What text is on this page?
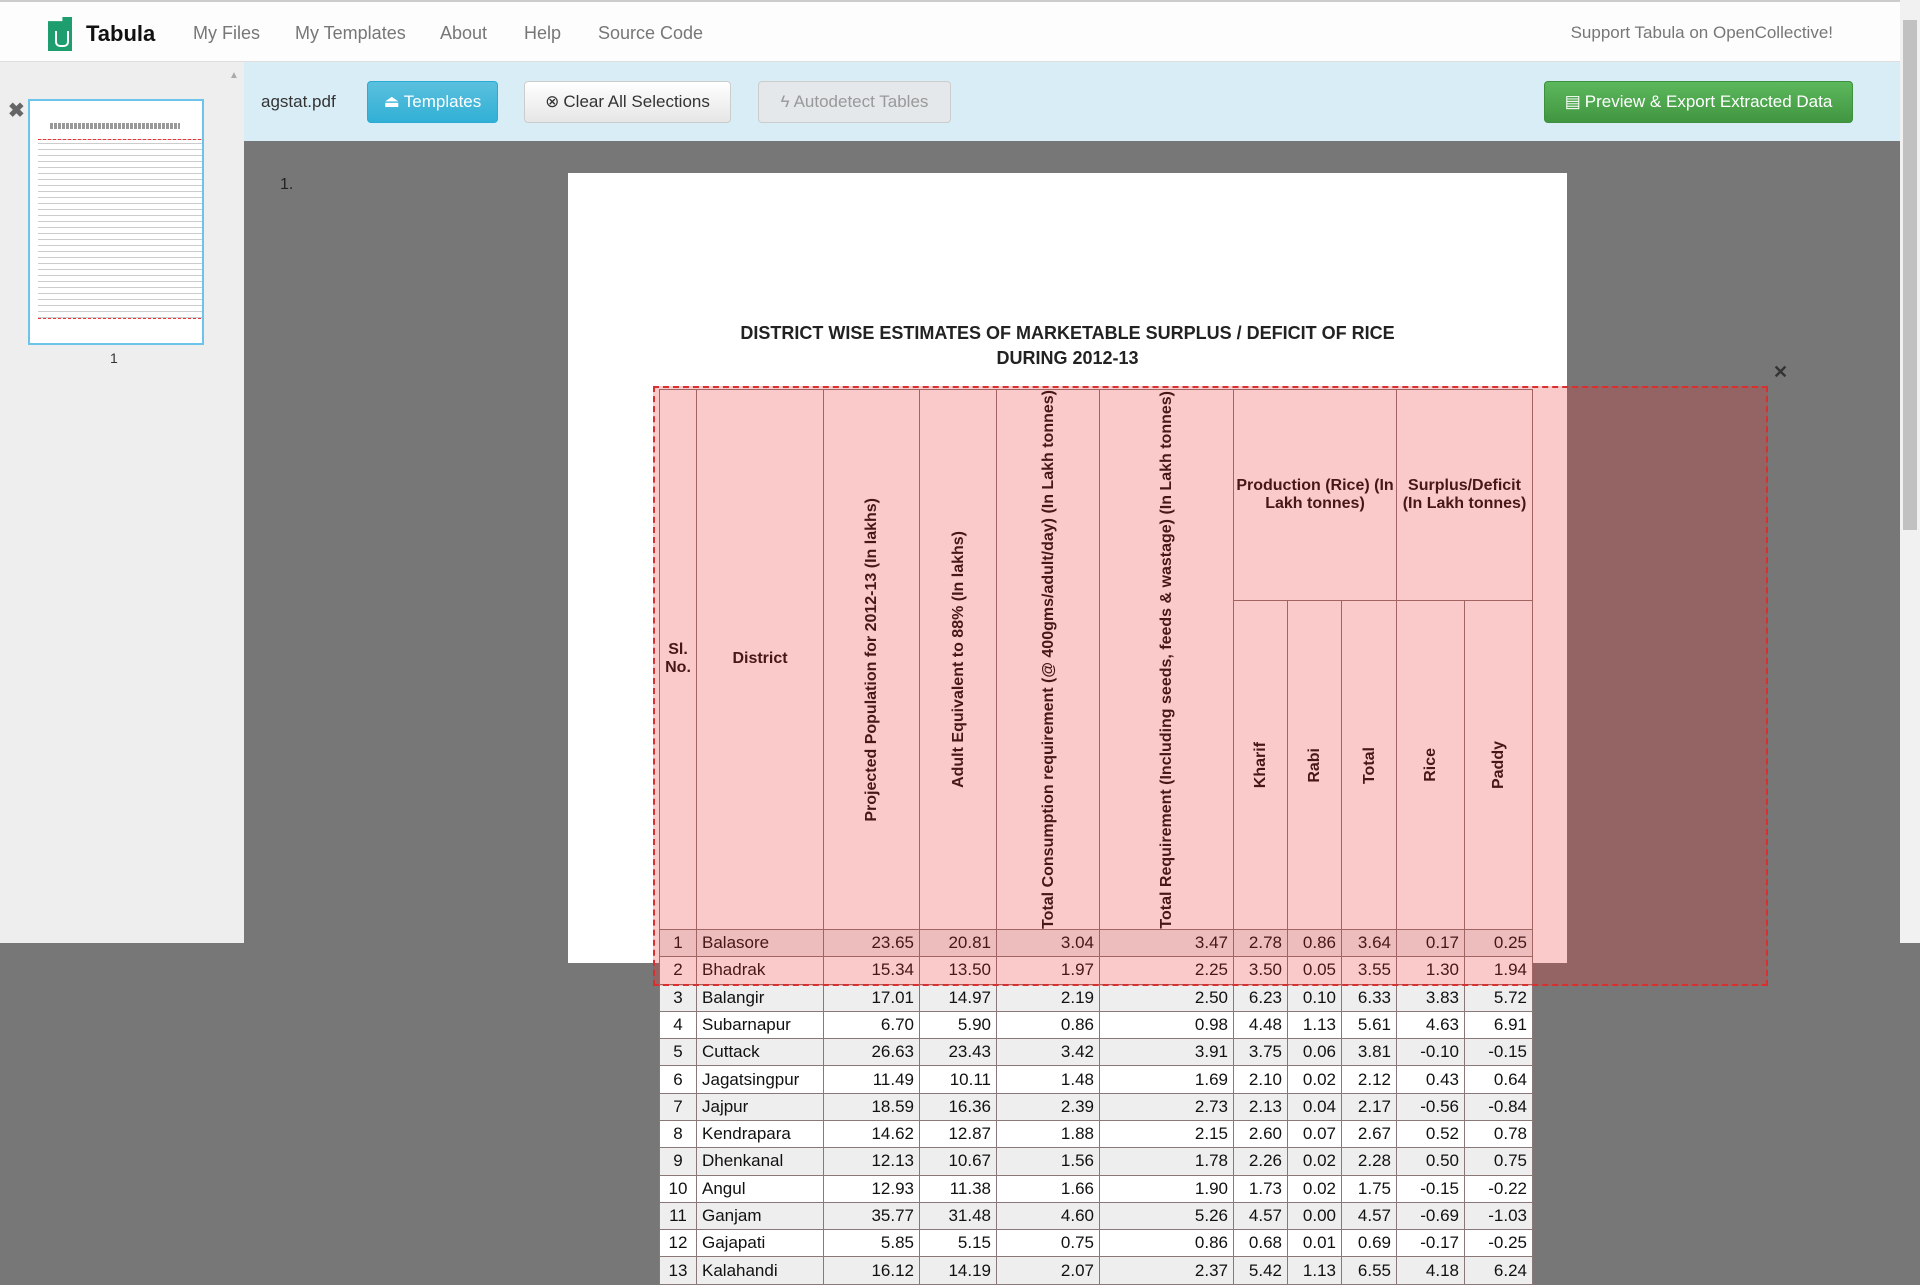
Tabula My Files My Templates About Help Source Code	Support Tabula on OpenCollective!
▲
✖
1
agstat.pdf	⏏ Templates	⊗ Clear All Selections	ϟ Autodetect Tables	▤ Preview & Export Extracted Data
1.
DISTRICT WISE ESTIMATES OF MARKETABLE SURPLUS / DEFICIT OF RICE
DURING 2012-13
Sl. No.	District	Projected Population for 2012-13 (In lakhs)	Adult Equivalent to 88% (In lakhs)	Total Consumption requirement (@ 400gms/adult/day) (In Lakh tonnes)	Total Requirement (Including seeds, feeds & wastage) (In Lakh tonnes)	Production (Rice) (In Lakh tonnes)			Surplus/Deficit (In Lakh tonnes)	

						Kharif	Rabi	Total	Rice	Paddy

1	Balasore	23.65	20.81	3.04	3.47	2.78	0.86	3.64	0.17	0.25
2	Bhadrak	15.34	13.50	1.97	2.25	3.50	0.05	3.55	1.30	1.94
3	Balangir	17.01	14.97	2.19	2.50	6.23	0.10	6.33	3.83	5.72
4	Subarnapur	6.70	5.90	0.86	0.98	4.48	1.13	5.61	4.63	6.91
5	Cuttack	26.63	23.43	3.42	3.91	3.75	0.06	3.81	-0.10	-0.15
6	Jagatsingpur	11.49	10.11	1.48	1.69	2.10	0.02	2.12	0.43	0.64
7	Jajpur	18.59	16.36	2.39	2.73	2.13	0.04	2.17	-0.56	-0.84
8	Kendrapara	14.62	12.87	1.88	2.15	2.60	0.07	2.67	0.52	0.78
9	Dhenkanal	12.13	10.67	1.56	1.78	2.26	0.02	2.28	0.50	0.75
10	Angul	12.93	11.38	1.66	1.90	1.73	0.02	1.75	-0.15	-0.22
11	Ganjam	35.77	31.48	4.60	5.26	4.57	0.00	4.57	-0.69	-1.03
12	Gajapati	5.85	5.15	0.75	0.86	0.68	0.01	0.69	-0.17	-0.25
13	Kalahandi	16.12	14.19	2.07	2.37	5.42	1.13	6.55	4.18	6.24
✕
